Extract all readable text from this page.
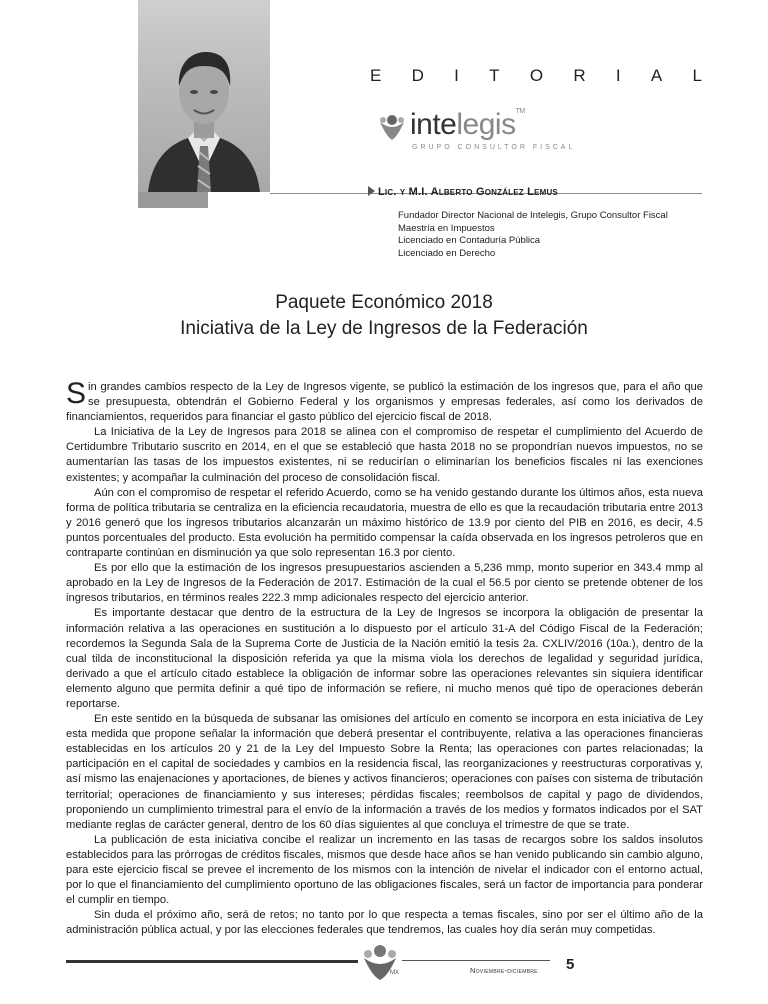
E D I T O R I A L
intelegis™
GRUPO CONSULTOR FISCAL
Lic. y M.I. Alberto González Lemus
Fundador Director Nacional de Intelegis, Grupo Consultor Fiscal
Maestría en Impuestos
Licenciado en Contaduría Pública
Licenciado en Derecho
Paquete Económico 2018
Iniciativa de la Ley de Ingresos de la Federación

Sin grandes cambios respecto de la Ley de Ingresos vigente, se publicó la estimación de los ingresos que, para el año que se presupuesta, obtendrán el Gobierno Federal y los organismos y empresas federales, así como los derivados de financiamientos, requeridos para financiar el gasto público del ejercicio fiscal de 2018.

La Iniciativa de la Ley de Ingresos para 2018 se alinea con el compromiso de respetar el cumplimiento del Acuerdo de Certidumbre Tributario suscrito en 2014, en el que se estableció que hasta 2018 no se propondrían nuevos impuestos, no se aumentarían las tasas de los impuestos existentes, ni se reducirían o eliminarían los beneficios fiscales ni las exenciones existentes; y acompañar la culminación del proceso de consolidación fiscal.

Aún con el compromiso de respetar el referido Acuerdo, como se ha venido gestando durante los últimos años, esta nueva forma de política tributaria se centraliza en la eficiencia recaudatoria, muestra de ello es que la recaudación tributaria entre 2013 y 2016 generó que los ingresos tributarios alcanzarán un máximo histórico de 13.9 por ciento del PIB en 2016, es decir, 4.5 puntos porcentuales del producto. Esta evolución ha permitido compensar la caída observada en los ingresos petroleros que en contraparte continúan en disminución ya que solo representan 16.3 por ciento.

Es por ello que la estimación de los ingresos presupuestarios ascienden a 5,236 mmp, monto superior en 343.4 mmp al aprobado en la Ley de Ingresos de la Federación de 2017. Estimación de la cual el 56.5 por ciento se pretende obtener de los ingresos tributarios, en términos reales 222.3 mmp adicionales respecto del ejercicio anterior.

Es importante destacar que dentro de la estructura de la Ley de Ingresos se incorpora la obligación de presentar la información relativa a las operaciones en sustitución a lo dispuesto por el artículo 31-A del Código Fiscal de la Federación; recordemos la Segunda Sala de la Suprema Corte de Justicia de la Nación emitió la tesis 2a. CXLIV/2016 (10a.), dentro de la cual tilda de inconstitucional la disposición referida ya que la misma viola los derechos de legalidad y seguridad jurídica, derivado a que el artículo citado establece la obligación de informar sobre las operaciones relevantes sin siquiera identificar elemento alguno que permita definir a qué tipo de información se refiere, ni mucho menos qué tipo de operaciones deberán reportarse.

En este sentido en la búsqueda de subsanar las omisiones del artículo en comento se incorpora en esta iniciativa de Ley esta medida que propone señalar la información que deberá presentar el contribuyente, relativa a las operaciones financieras establecidas en los artículos 20 y 21 de la Ley del Impuesto Sobre la Renta; las operaciones con partes relacionadas; la participación en el capital de sociedades y cambios en la residencia fiscal, las reorganizaciones y reestructuras corporativas y, así mismo las enajenaciones y aportaciones, de bienes y activos financieros; operaciones con países con sistema de tributación territorial; operaciones de financiamiento y sus intereses; pérdidas fiscales; reembolsos de capital y pago de dividendos, proponiendo un cumplimiento trimestral para el envío de la información a través de los medios y formatos indicados por el SAT mediante reglas de carácter general, dentro de los 60 días siguientes al que concluya el trimestre de que se trate.

La publicación de esta iniciativa concibe el realizar un incremento en las tasas de recargos sobre los saldos insolutos establecidos para las prórrogas de créditos fiscales, mismos que desde hace años se han venido publicando sin cambio alguno, para este ejercicio fiscal se prevee el incremento de los mismos con la intención de nivelar el indicador con el entorno actual, por lo que el financiamiento del cumplimiento oportuno de las obligaciones fiscales, será un factor de importancia para ponderar el cumplir en tiempo.

Sin duda el próximo año, será de retos; no tanto por lo que respecta a temas fiscales, sino por ser el último año de la administración pública actual, y por las elecciones federales que tendremos, las cuales hoy día serán muy competidas.

MX	Noviembre-diciembre 5
